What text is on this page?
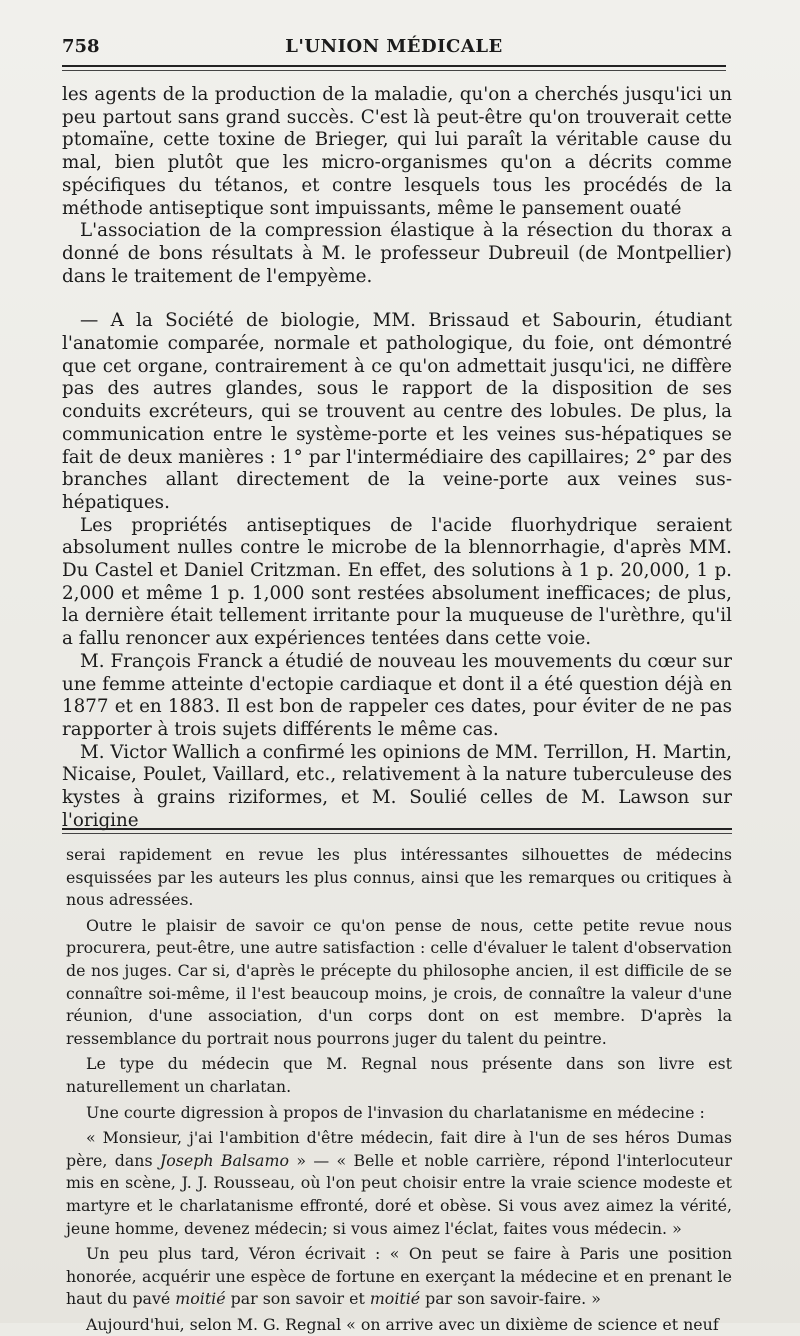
758	L'UNION MÉDICALE

les agents de la production de la maladie, qu'on a cherchés jusqu'ici un peu partout sans grand succès. C'est là peut-être qu'on trouverait cette ptomaïne, cette toxine de Brieger, qui lui paraît la véritable cause du mal, bien plutôt que les micro-organismes qu'on a décrits comme spécifiques du tétanos, et contre lesquels tous les procédés de la méthode antiseptique sont impuissants, même le pansement ouaté

L'association de la compression élastique à la résection du thorax a donné de bons résultats à M. le professeur Dubreuil (de Montpellier) dans le traitement de l'empyème.

— A la Société de biologie, MM. Brissaud et Sabourin, étudiant l'anatomie comparée, normale et pathologique, du foie, ont démontré que cet organe, contrairement à ce qu'on admettait jusqu'ici, ne diffère pas des autres glandes, sous le rapport de la disposition de ses conduits excréteurs, qui se trouvent au centre des lobules. De plus, la communication entre le système-porte et les veines sus-hépatiques se fait de deux manières : 1° par l'intermédiaire des capillaires; 2° par des branches allant directement de la veine-porte aux veines sus-hépatiques.

Les propriétés antiseptiques de l'acide fluorhydrique seraient absolument nulles contre le microbe de la blennorrhagie, d'après MM. Du Castel et Daniel Critzman. En effet, des solutions à 1 p. 20,000, 1 p. 2,000 et même 1 p. 1,000 sont restées absolument inefficaces; de plus, la dernière était tellement irritante pour la muqueuse de l'urèthre, qu'il a fallu renoncer aux expériences tentées dans cette voie.

M. François Franck a étudié de nouveau les mouvements du cœur sur une femme atteinte d'ectopie cardiaque et dont il a été question déjà en 1877 et en 1883. Il est bon de rappeler ces dates, pour éviter de ne pas rapporter à trois sujets différents le même cas.

M. Victor Wallich a confirmé les opinions de MM. Terrillon, H. Martin, Nicaise, Poulet, Vaillard, etc., relativement à la nature tuberculeuse des kystes à grains riziformes, et M. Soulié celles de M. Lawson sur l'origine

serai rapidement en revue les plus intéressantes silhouettes de médecins esquissées par les auteurs les plus connus, ainsi que les remarques ou critiques à nous adressées.

Outre le plaisir de savoir ce qu'on pense de nous, cette petite revue nous procurera, peut-être, une autre satisfaction : celle d'évaluer le talent d'observation de nos juges. Car si, d'après le précepte du philosophe ancien, il est difficile de se connaître soi-même, il l'est beaucoup moins, je crois, de connaître la valeur d'une réunion, d'une association, d'un corps dont on est membre. D'après la ressemblance du portrait nous pourrons juger du talent du peintre.

Le type du médecin que M. Regnal nous présente dans son livre est naturellement un charlatan.

Une courte digression à propos de l'invasion du charlatanisme en médecine :

« Monsieur, j'ai l'ambition d'être médecin, fait dire à l'un de ses héros Dumas père, dans Joseph Balsamo » — « Belle et noble carrière, répond l'interlocuteur mis en scène, J. J. Rousseau, où l'on peut choisir entre la vraie science modeste et martyre et le charlatanisme effronté, doré et obèse. Si vous avez aimez la vérité, jeune homme, devenez médecin; si vous aimez l'éclat, faites vous médecin. »

Un peu plus tard, Véron écrivait : « On peut se faire à Paris une position honorée, acquérir une espèce de fortune en exerçant la médecine et en prenant le haut du pavé moitié par son savoir et moitié par son savoir-faire. »

Aujourd'hui, selon M. G. Regnal « on arrive avec un dixième de science et neuf
